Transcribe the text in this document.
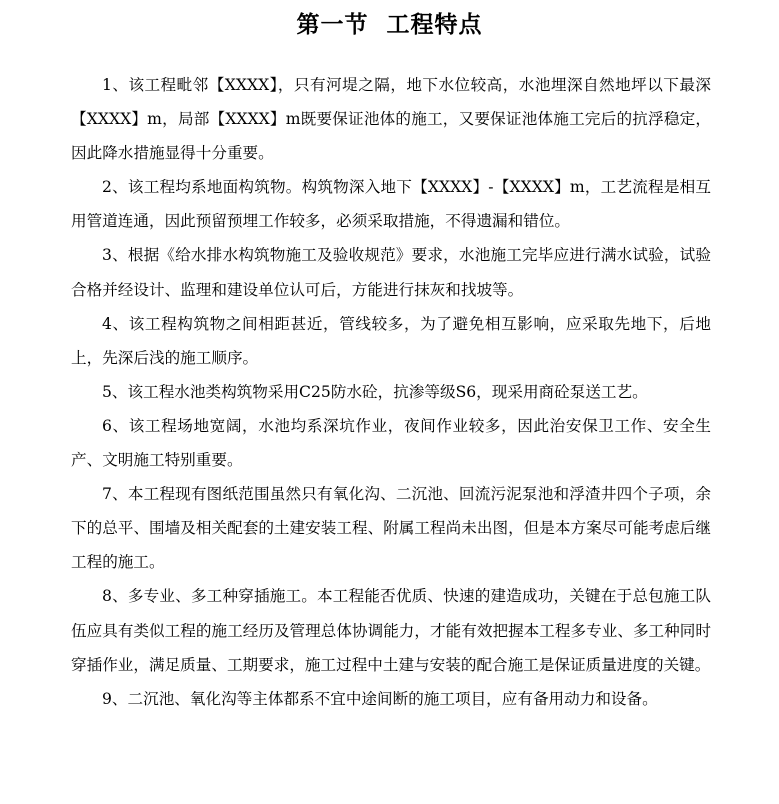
第一节  工程特点

1、该工程毗邻【XXXX】，只有河堤之隔，地下水位较高，水池埋深自然地坪以下最深【XXXX】m，局部【XXXX】m既要保证池体的施工，又要保证池体施工完后的抗浮稳定，因此降水措施显得十分重要。

2、该工程均系地面构筑物。构筑物深入地下【XXXX】-【XXXX】m，工艺流程是相互用管道连通，因此预留预埋工作较多，必须采取措施，不得遗漏和错位。

3、根据《给水排水构筑物施工及验收规范》要求，水池施工完毕应进行满水试验，试验合格并经设计、监理和建设单位认可后，方能进行抹灰和找坡等。

4、该工程构筑物之间相距甚近，管线较多，为了避免相互影响，应采取先地下，后地上，先深后浅的施工顺序。

5、该工程水池类构筑物采用C25防水砼，抗渗等级S6，现采用商砼泵送工艺。

6、该工程场地宽阔，水池均系深坑作业，夜间作业较多，因此治安保卫工作、安全生产、文明施工特别重要。

7、本工程现有图纸范围虽然只有氧化沟、二沉池、回流污泥泵池和浮渣井四个子项，余下的总平、围墙及相关配套的土建安装工程、附属工程尚未出图，但是本方案尽可能考虑后继工程的施工。

8、多专业、多工种穿插施工。本工程能否优质、快速的建造成功，关键在于总包施工队伍应具有类似工程的施工经历及管理总体协调能力，才能有效把握本工程多专业、多工种同时穿插作业，满足质量、工期要求，施工过程中土建与安装的配合施工是保证质量进度的关键。

9、二沉池、氧化沟等主体都系不宜中途间断的施工项目，应有备用动力和设备。
